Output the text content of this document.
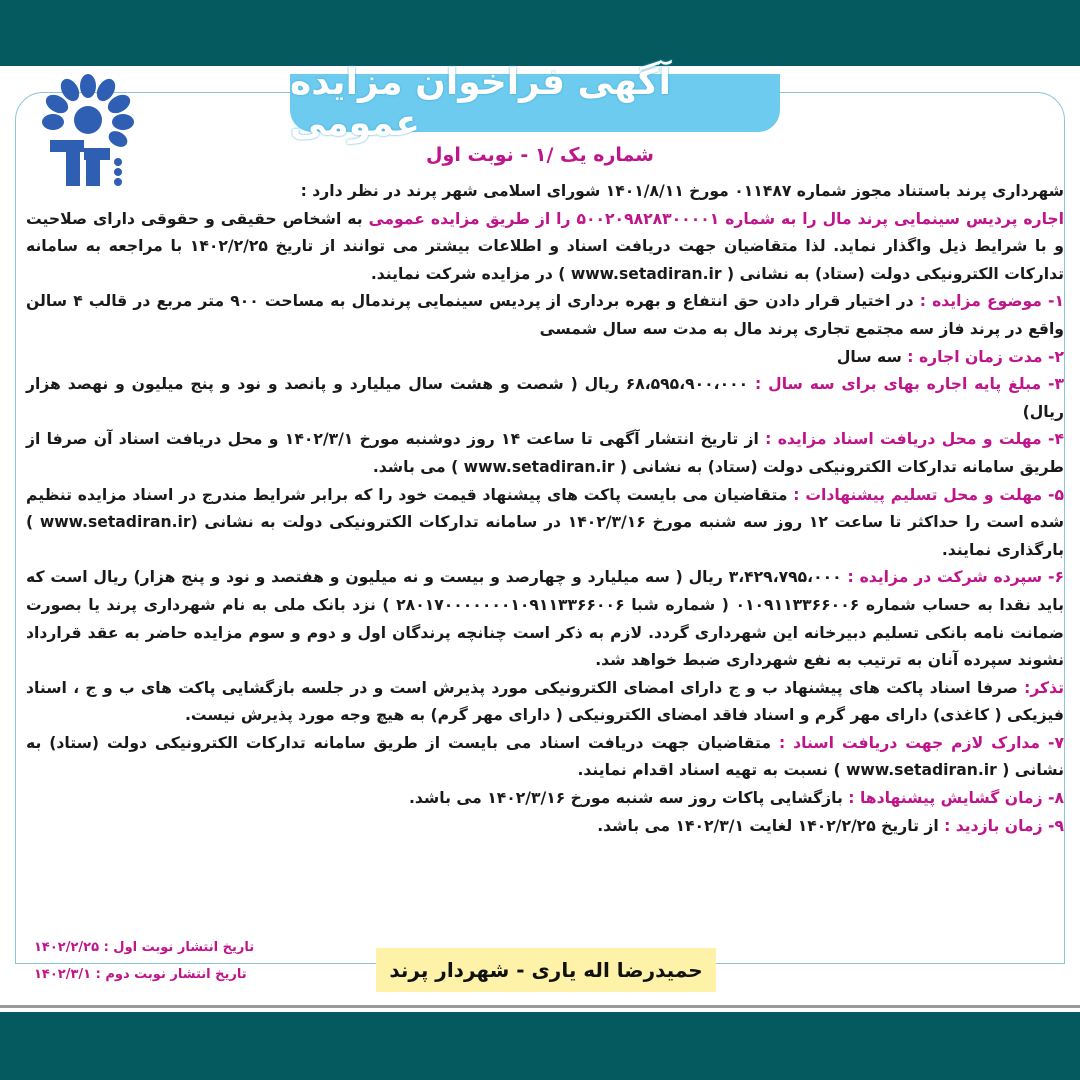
آگهی فراخوان مزایده عمومی
شماره یک /۱ - نوبت اول

شهرداری پرند باستناد مجوز شماره ۰۱۱۴۸۷ مورخ ۱۴۰۱/۸/۱۱ شورای اسلامی شهر پرند در نظر دارد :

اجاره پردیس سینمایی پرند مال را به شماره ۵۰۰۲۰۹۸۲۸۳۰۰۰۰۱ را از طریق مزایده عمومی به اشخاص حقیقی و حقوقی دارای صلاحیت و با شرایط ذیل واگذار نماید. لذا متقاضیان جهت دریافت اسناد و اطلاعات بیشتر می توانند از تاریخ ۱۴۰۲/۲/۲۵ با مراجعه به سامانه تدارکات الکترونیکی دولت (ستاد) به نشانی ( www.setadiran.ir ) در مزایده شرکت نمایند.

۱- موضوع مزایده : در اختیار قرار دادن حق انتفاع و بهره برداری از پردیس سینمایی پرندمال به مساحت ۹۰۰ متر مربع در قالب ۴ سالن واقع در پرند فاز سه مجتمع تجاری پرند مال به مدت سه سال شمسی

۲- مدت زمان اجاره : سه سال

۳- مبلغ پایه اجاره بهای برای سه سال : ۶۸،۵۹۵،۹۰۰،۰۰۰ ریال ( شصت و هشت سال میلیارد و پانصد و نود و پنج میلیون و نهصد هزار ریال)

۴- مهلت و محل دریافت اسناد مزایده : از تاریخ انتشار آگهی تا ساعت ۱۴ روز دوشنبه مورخ ۱۴۰۲/۳/۱ و محل دریافت اسناد آن صرفا از طریق سامانه تدارکات الکترونیکی دولت (ستاد) به نشانی ( www.setadiran.ir ) می باشد.

۵- مهلت و محل تسلیم پیشنهادات : متقاضیان می بایست پاکت های پیشنهاد قیمت خود را که برابر شرایط مندرج در اسناد مزایده تنظیم شده است را حداکثر تا ساعت ۱۲ روز سه شنبه مورخ ۱۴۰۲/۳/۱۶ در سامانه تدارکات الکترونیکی دولت به نشانی (www.setadiran.ir ) بارگذاری نمایند.

۶- سپرده شرکت در مزایده : ۳،۴۲۹،۷۹۵،۰۰۰ ریال ( سه میلیارد و چهارصد و بیست و نه میلیون و هفتصد و نود و پنج هزار) ریال است که باید نقدا به حساب شماره ۰۱۰۹۱۱۳۳۶۶۰۰۶ ( شماره شبا ۲۸۰۱۷۰۰۰۰۰۰۰۱۰۹۱۱۳۳۶۶۰۰۶ ) نزد بانک ملی به نام شهرداری پرند یا بصورت ضمانت نامه بانکی تسلیم دبیرخانه این شهرداری گردد. لازم به ذکر است چنانچه پرندگان اول و دوم و سوم مزایده حاضر به عقد قرارداد نشوند سپرده آنان به ترتیب به نفع شهرداری ضبط خواهد شد.

تذکر: صرفا اسناد پاکت های پیشنهاد ب و ج دارای امضای الکترونیکی مورد پذیرش است و در جلسه بازگشایی پاکت های ب و ج ، اسناد فیزیکی ( کاغذی) دارای مهر گرم و اسناد فاقد امضای الکترونیکی ( دارای مهر گرم) به هیچ وجه مورد پذیرش نیست.

۷- مدارک لازم جهت دریافت اسناد : متقاضیان جهت دریافت اسناد می بایست از طریق سامانه تدارکات الکترونیکی دولت (ستاد) به نشانی ( www.setadiran.ir ) نسبت به تهیه اسناد اقدام نمایند.

۸- زمان گشایش پیشنهادها : بازگشایی پاکات روز سه شنبه مورخ ۱۴۰۲/۳/۱۶ می باشد.

۹- زمان بازدید : از تاریخ ۱۴۰۲/۲/۲۵ لغایت ۱۴۰۲/۳/۱ می باشد.

تاریخ انتشار نوبت اول : ۱۴۰۲/۲/۲۵
تاریخ انتشار نوبت دوم : ۱۴۰۲/۳/۱	حمیدرضا اله یاری - شهردار پرند
